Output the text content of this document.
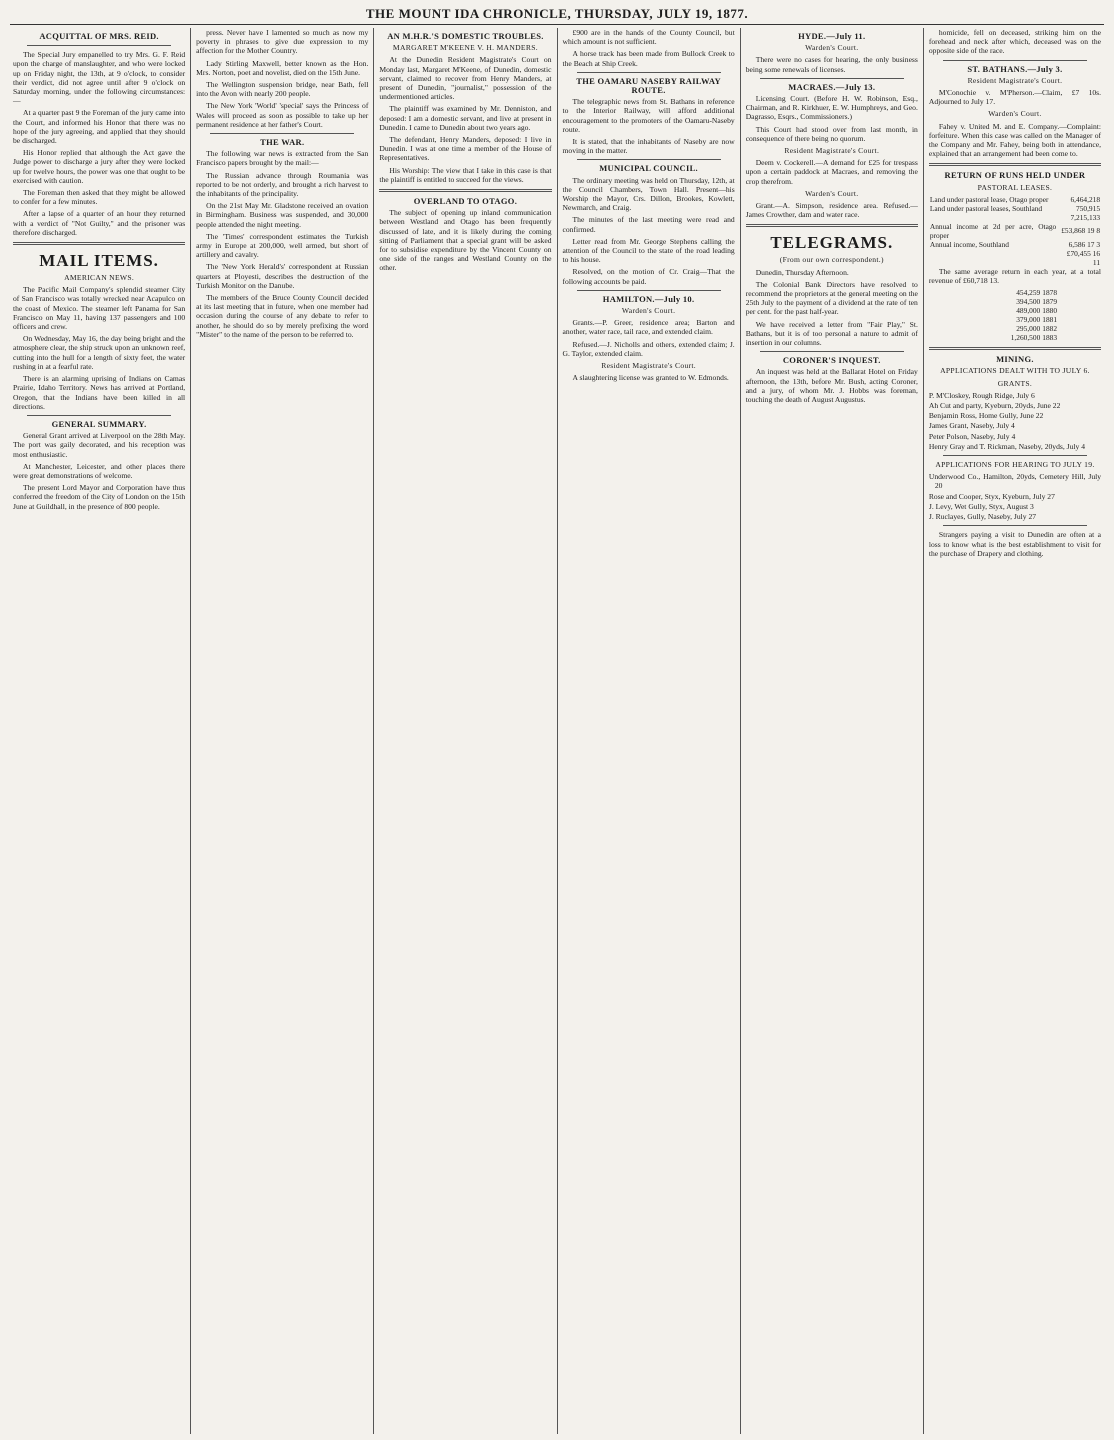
THE MOUNT IDA CHRONICLE, THURSDAY, JULY 19, 1877.
ACQUITTAL OF MRS. REID.

The Special Jury empanelled to try Mrs. G. F. Reid upon the charge of manslaughter, and who were locked up on Friday night, the 13th, at 9 o'clock, to consider their verdict, did not agree until after 9 o'clock on Saturday morning, under the following circumstances:—

At a quarter past 9 the Foreman of the jury came into the Court, and informed his Honor that there was no hope of the jury agreeing, and applied that they should be discharged.

His Honor replied that although the Act gave the Judge power to discharge a jury after they were locked up for twelve hours, the power was one that ought to be exercised with caution.

The Foreman then asked that they might be allowed to confer for a few minutes.

After a lapse of a quarter of an hour they returned with a verdict of "Not Guilty," and the prisoner was therefore discharged.

MAIL ITEMS.
AMERICAN NEWS.

The Pacific Mail Company's splendid steamer City of San Francisco was totally wrecked near Acapulco on the coast of Mexico. The steamer left Panama for San Francisco on May 11, having 137 passengers and 100 officers and crew.

On Wednesday, May 16, the day being bright and the atmosphere clear, the ship struck upon an unknown reef, cutting into the hull for a length of sixty feet, the water rushing in at a fearful rate.

There is an alarming uprising of Indians on Camas Prairie, Idaho Territory. News has arrived at Portland, Oregon, that the Indians have been killed in all directions.

GENERAL SUMMARY.

General Grant arrived at Liverpool on the 28th May. The port was gaily decorated, and his reception was most enthusiastic.

At Manchester, Leicester, and other places there were great demonstrations of welcome.

The present Lord Mayor and Corporation have thus conferred the freedom of the City of London on the 15th June at Guildhall, in the presence of 800 people.

press. Never have I lamented so much as now my poverty in phrases to give due expression to my affection for the Mother Country.

Lady Stirling Maxwell, better known as the Hon. Mrs. Norton, poet and novelist, died on the 15th June.

The Wellington suspension bridge, near Bath, fell into the Avon with nearly 200 people.

The New York 'World' 'special' says the Princess of Wales will proceed as soon as possible to take up her permanent residence at her father's Court.

THE WAR.

The following war news is extracted from the San Francisco papers brought by the mail:—

The Russian advance through Roumania was reported to be not orderly, and brought a rich harvest to the inhabitants of the principality.

On the 21st May Mr. Gladstone received an ovation in Birmingham. Business was suspended, and 30,000 people attended the night meeting.

The 'Times' correspondent estimates the Turkish army in Europe at 200,000, well armed, but short of artillery and cavalry.

The 'New York Herald's' correspondent at Russian quarters at Ployesti, describes the destruction of the Turkish Monitor on the Danube.

The members of the Bruce County Council decided at its last meeting that in future, when one member had occasion during the course of any debate to refer to another, he should do so by merely prefixing the word "Mister" to the name of the person to be referred to.

AN M.H.R.'S DOMESTIC TROUBLES.
MARGARET M'KEENE V. H. MANDERS.

At the Dunedin Resident Magistrate's Court on Monday last, Margaret M'Keene, of Dunedin, domestic servant, claimed to recover from Henry Manders, at present of Dunedin, "journalist," possession of the undermentioned articles.

The plaintiff was examined by Mr. Denniston, and deposed: I am a domestic servant, and live at present in Dunedin. I came to Dunedin about two years ago.

The defendant, Henry Manders, deposed: I live in Dunedin. I was at one time a member of the House of Representatives.

His Worship: The view that I take in this case is that the plaintiff is entitled to succeed for the views.

OVERLAND TO OTAGO.

The subject of opening up inland communication between Westland and Otago has been frequently discussed of late, and it is likely during the coming sitting of Parliament that a special grant will be asked for to subsidise expenditure by the Vincent County on one side of the ranges and Westland County on the other.

£900 are in the hands of the County Council, but which amount is not sufficient.

A horse track has been made from Bullock Creek to the Beach at Ship Creek.

THE OAMARU NASEBY RAILWAY ROUTE.

The telegraphic news from St. Bathans in reference to the Interior Railway, will afford additional encouragement to the promoters of the Oamaru-Naseby route.

It is stated, that the inhabitants of Naseby are now moving in the matter.

MUNICIPAL COUNCIL.

The ordinary meeting was held on Thursday, 12th, at the Council Chambers, Town Hall. Present—his Worship the Mayor, Crs. Dillon, Brookes, Kowlett, Newmarch, and Craig.

The minutes of the last meeting were read and confirmed.

Letter read from Mr. George Stephens calling the attention of the Council to the state of the road leading to his house.

Resolved, on the motion of Cr. Craig—That the following accounts be paid.

HAMILTON.—July 10.
Warden's Court.

Grants.—P. Greer, residence area; Barton and another, water race, tail race, and extended claim.

Refused.—J. Nicholls and others, extended claim; J. G. Taylor, extended claim.

Resident Magistrate's Court.

A slaughtering license was granted to W. Edmonds.

HYDE.—July 11.
Warden's Court.

There were no cases for hearing, the only business being some renewals of licenses.

MACRAES.—July 13.

Licensing Court. (Before H. W. Robinson, Esq., Chairman, and R. Kirkhuer, E. W. Humphreys, and Geo. Dagrasso, Esqrs., Commissioners.)

This Court had stood over from last month, in consequence of there being no quorum.

Resident Magistrate's Court.

Deem v. Cockerell.—A demand for £25 for trespass upon a certain paddock at Macraes, and removing the crop therefrom.

Warden's Court.

Grant.—A. Simpson, residence area. Refused.—James Crowther, dam and water race.

TELEGRAMS.
(From our own correspondent.)

Dunedin, Thursday Afternoon.

The Colonial Bank Directors have resolved to recommend the proprietors at the general meeting on the 25th July to the payment of a dividend at the rate of ten per cent. for the past half-year.

We have received a letter from "Fair Play," St. Bathans, but it is of too personal a nature to admit of insertion in our columns.

CORONER'S INQUEST.

An inquest was held at the Ballarat Hotel on Friday afternoon, the 13th, before Mr. Bush, acting Coroner, and a jury, of whom Mr. J. Hobbs was foreman, touching the death of August Augustus.

homicide, fell on deceased, striking him on the forehead and neck after which, deceased was on the opposite side of the race.

ST. BATHANS.—July 3.
Resident Magistrate's Court.

M'Conochie v. M'Pherson.—Claim, £7 10s. Adjourned to July 17.

Warden's Court.

Fahey v. United M. and E. Company.—Complaint: forfeiture. When this case was called on the Manager of the Company and Mr. Fahey, being both in attendance, explained that an arrangement had been come to.

RETURN OF RUNS HELD UNDER
PASTORAL LEASES.
Land under pastoral lease, Otago proper	6,464,218
Land under pastoral leases, Southland	750,915
	7,215,133
Annual income at 2d per acre, Otago proper	£53,868 19 8
Annual income, Southland	6,586 17 3
	£70,455 16 11

The same average return in each year, at a total revenue of £60,718 13.

454,259	1878
394,500	1879
489,000	1880
379,000	1881
295,000	1882
1,260,500	1883
MINING.
APPLICATIONS DEALT WITH TO JULY 6.
GRANTS.
P. M'Closkey, Rough Ridge, July 6
Ah Cut and party, Kyeburn, 20yds, June 22
Benjamin Ross, Home Gully, June 22
James Grant, Naseby, July 4
Peter Polson, Naseby, July 4
Henry Gray and T. Rickman, Naseby, 20yds, July 4
APPLICATIONS FOR HEARING TO JULY 19.
Underwood Co., Hamilton, 20yds, Cemetery Hill, July 20
Rose and Cooper, Styx, Kyeburn, July 27
J. Levy, Wet Gully, Styx, August 3
J. Ruclayes, Gully, Naseby, July 27

Strangers paying a visit to Dunedin are often at a loss to know what is the best establishment to visit for the purchase of Drapery and clothing.
